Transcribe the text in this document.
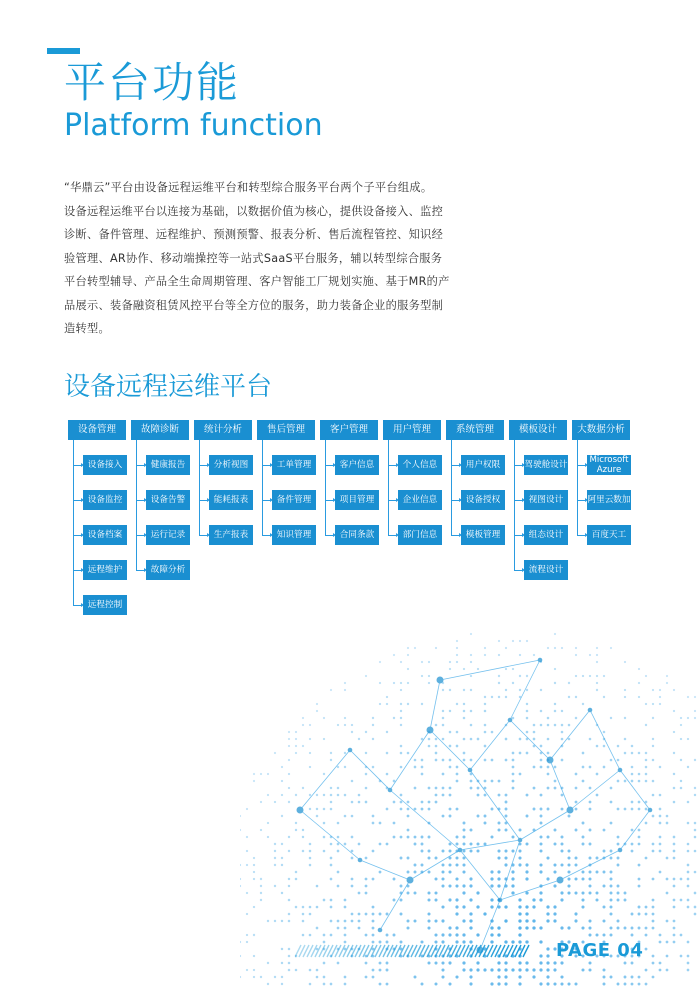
平台功能
Platform function
“华鼎云”平台由设备远程运维平台和转型综合服务平台两个子平台组成。
设备远程运维平台以连接为基础，以数据价值为核心，提供设备接入、监控
诊断、备件管理、远程维护、预测预警、报表分析、售后流程管控、知识经
验管理、AR协作、移动端操控等一站式SaaS平台服务，辅以转型综合服务
平台转型辅导、产品全生命周期管理、客户智能工厂规划实施、基于MR的产
品展示、装备融资租赁风控平台等全方位的服务，助力装备企业的服务型制
造转型。
设备远程运维平台
设备管理
设备接入
设备监控
设备档案
远程维护
远程控制
故障诊断
健康报告
设备告警
运行记录
故障分析
统计分析
分析视图
能耗报表
生产报表
售后管理
工单管理
备件管理
知识管理
客户管理
客户信息
项目管理
合同条款
用户管理
个人信息
企业信息
部门信息
系统管理
用户权限
设备授权
模板管理
模板设计
驾驶舱设计
视图设计
组态设计
流程设计
大数据分析
Microsoft Azure
阿里云数加
百度天工
PAGE 04
